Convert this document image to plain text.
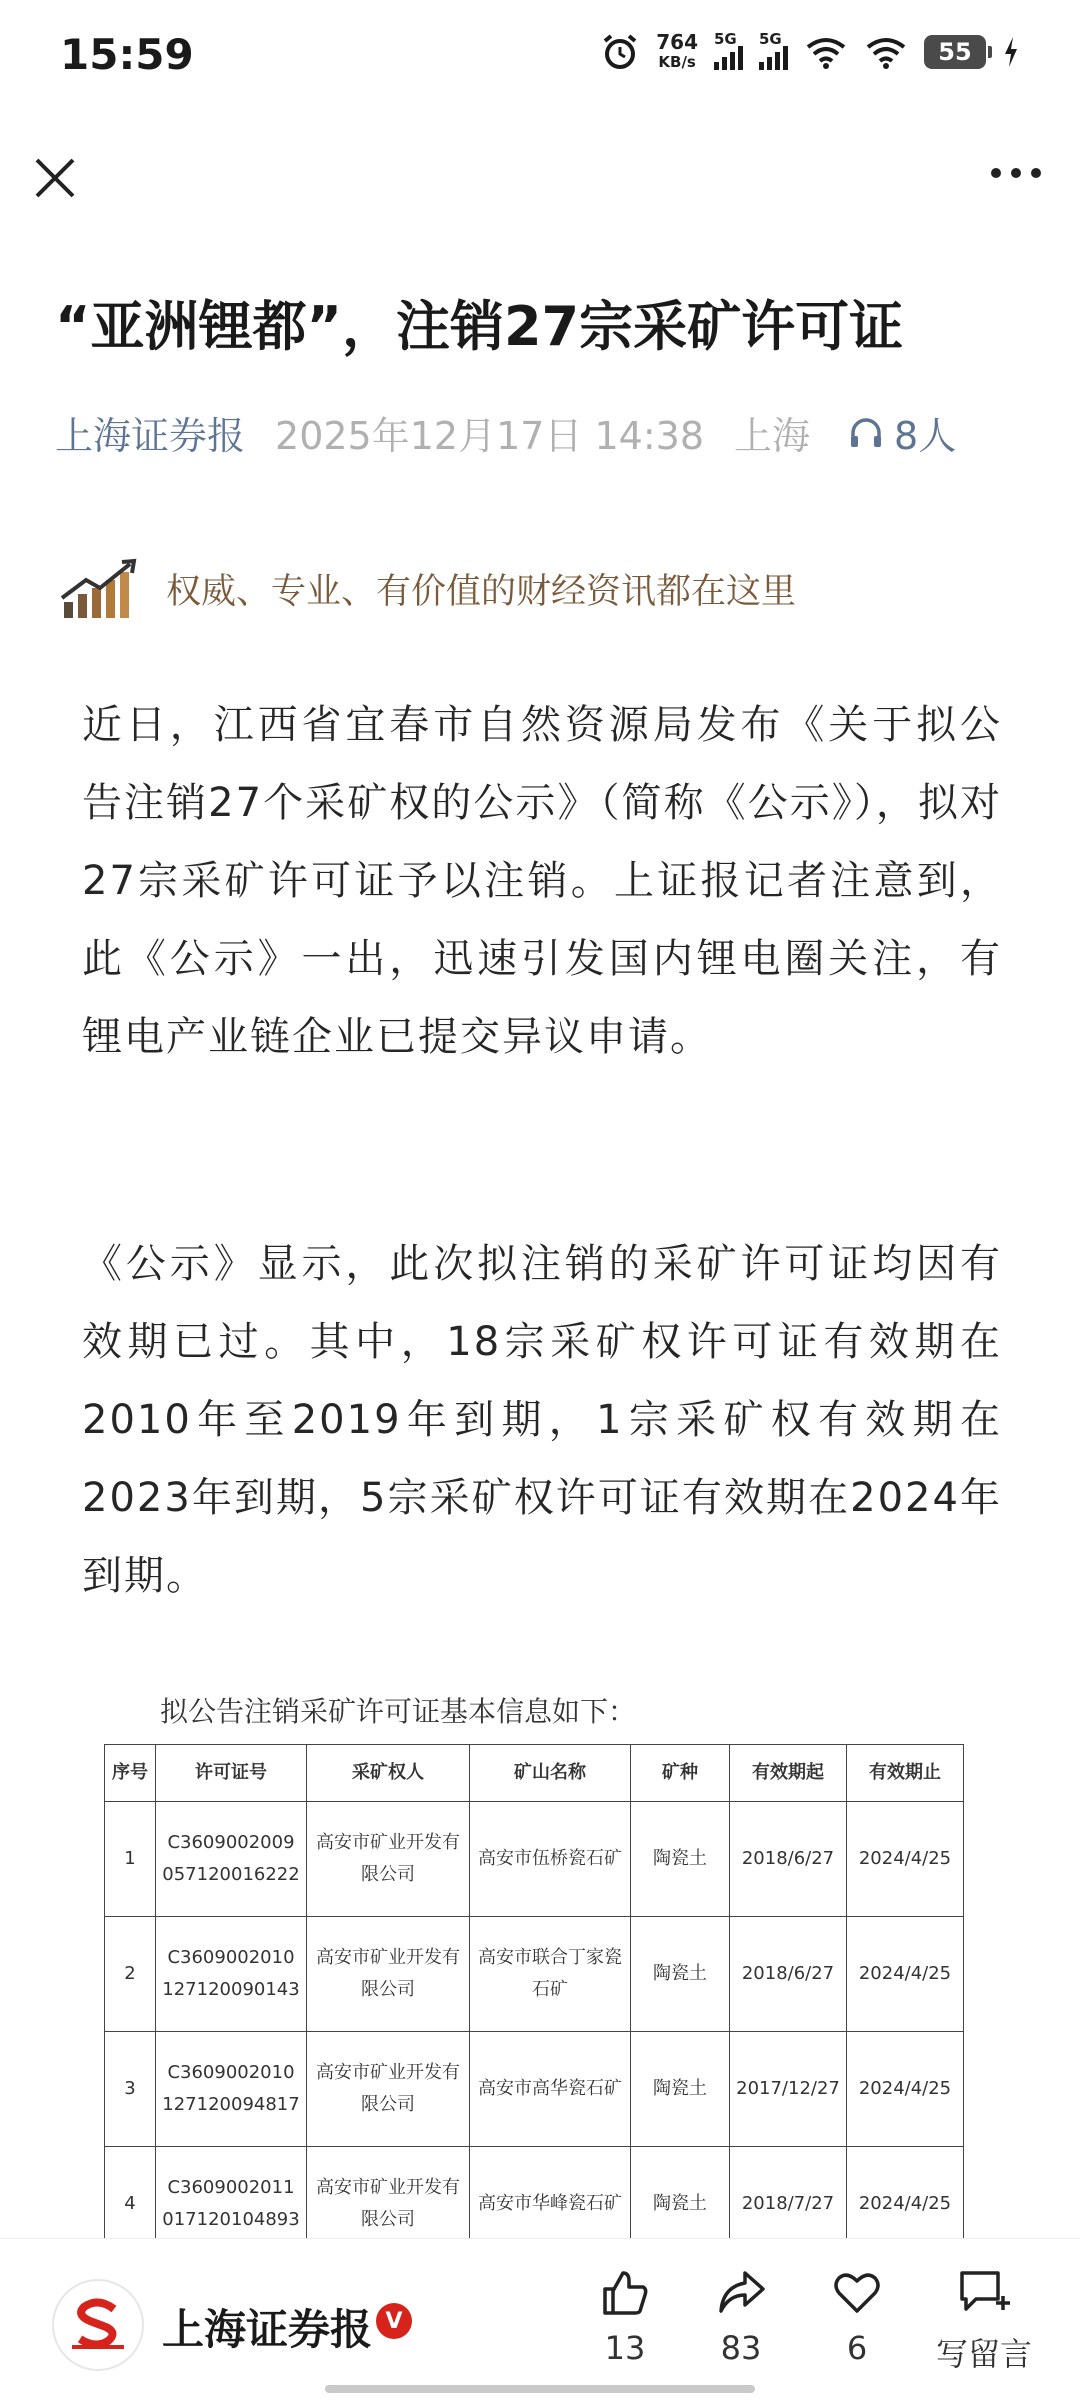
15:59	764
KB/s
5G 5G	55
“亚洲锂都”，注销27宗采矿许可证
上海证券报 2025年12月17日 14:38 上海 8人
权威、专业、有价值的财经资讯都在这里

近日，江西省宜春市自然资源局发布《关于拟公告注销27个采矿权的公示》（简称《公示》），拟对27宗采矿许可证予以注销。上证报记者注意到，此《公示》一出，迅速引发国内锂电圈关注，有锂电产业链企业已提交异议申请。

《公示》显示，此次拟注销的采矿许可证均因有效期已过。其中，18宗采矿权许可证有效期在2010年至2019年到期，1宗采矿权有效期在2023年到期，5宗采矿权许可证有效期在2024年到期。

拟公告注销采矿许可证基本信息如下：
序号	许可证号	采矿权人	矿山名称	矿种	有效期起	有效期止
1	C3609002009057120016222	高安市矿业开发有限公司	高安市伍桥瓷石矿	陶瓷土	2018/6/27	2024/4/25
2	C3609002010127120090143	高安市矿业开发有限公司	高安市联合丁家瓷石矿	陶瓷土	2018/6/27	2024/4/25
3	C3609002010127120094817	高安市矿业开发有限公司	高安市高华瓷石矿	陶瓷土	2017/12/27	2024/4/25
4	C3609002011017120104893	高安市矿业开发有限公司	高安市华峰瓷石矿	陶瓷土	2018/7/27	2024/4/25
上海证券报 V
13 83	6 写留言
